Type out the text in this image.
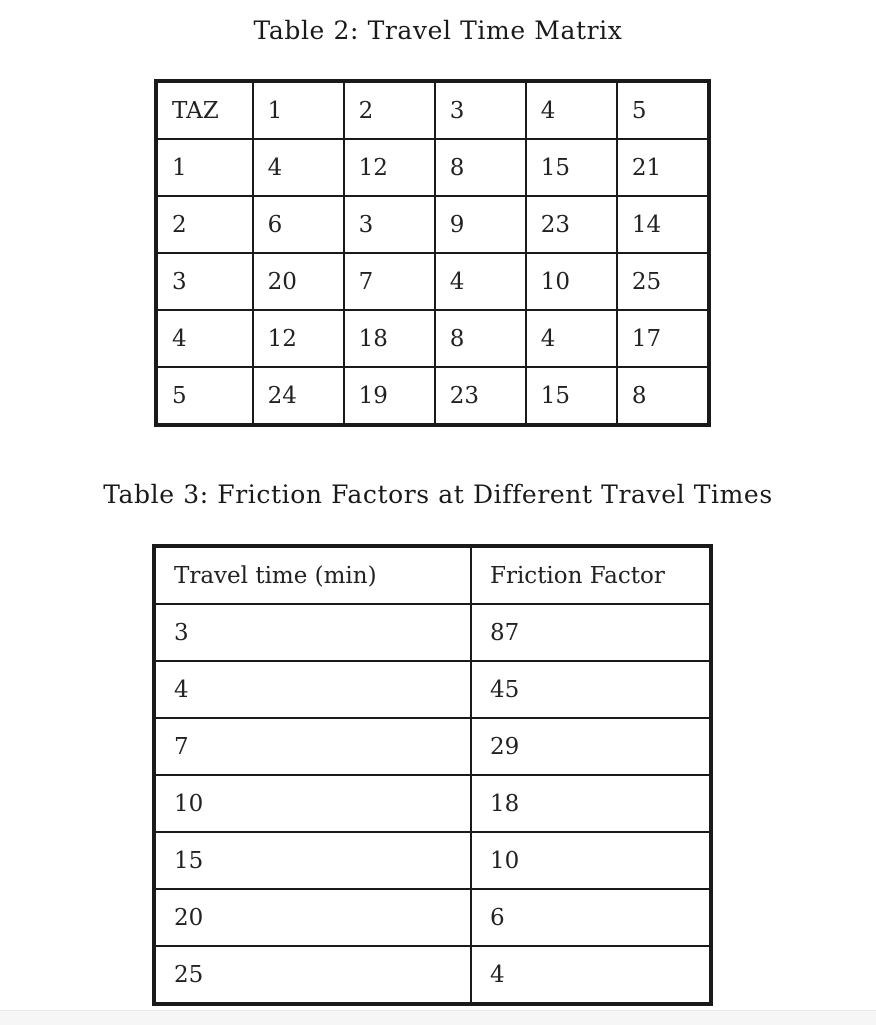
Table 2: Travel Time Matrix
TAZ	1	2	3	4	5
1	4	12	8	15	21
2	6	3	9	23	14
3	20	7	4	10	25
4	12	18	8	4	17
5	24	19	23	15	8
Table 3: Friction Factors at Different Travel Times
Travel time (min)	Friction Factor
3	87
4	45
7	29
10	18
15	10
20	6
25	4
